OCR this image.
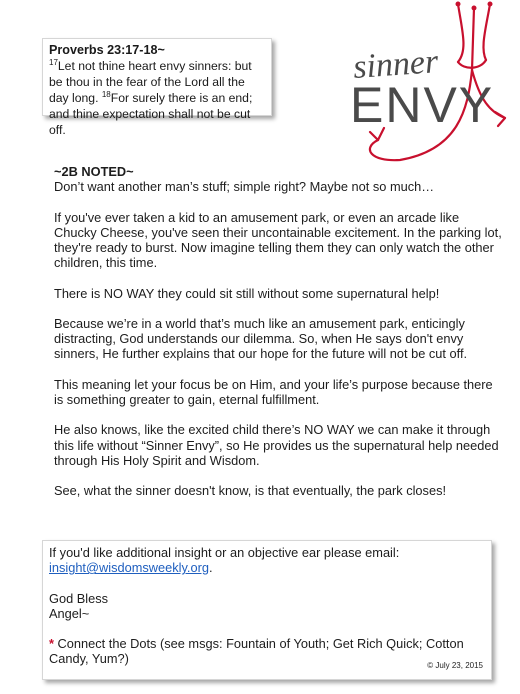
Proverbs 23:17-18~
$^{17}$Let not thine heart envy sinners: but be thou in the fear of the Lord all the day long. $^{18}$For surely there is an end; and thine expectation shall not be cut off.
sinner
ENVY

~2B NOTED~

Don’t want another man’s stuff; simple right? Maybe not so much…

If you've ever taken a kid to an amusement park, or even an arcade like Chucky Cheese, you've seen their uncontainable excitement. In the parking lot, they're ready to burst. Now imagine telling them they can only watch the other children, this time.

There is NO WAY they could sit still without some supernatural help!

Because we’re in a world that’s much like an amusement park, enticingly distracting, God understands our dilemma. So, when He says don't envy sinners, He further explains that our hope for the future will not be cut off.

This meaning let your focus be on Him, and your life’s purpose because there is something greater to gain, eternal fulfillment.

He also knows, like the excited child there’s NO WAY we can make it through this life without “Sinner Envy”, so He provides us the supernatural help needed through His Holy Spirit and Wisdom.

See, what the sinner doesn't know, is that eventually, the park closes!

If you'd like additional insight or an objective ear please email:

insight@wisdomsweekly.org.

God Bless

Angel~

* Connect the Dots (see msgs: Fountain of Youth; Get Rich Quick; Cotton Candy, Yum?)	© July 23, 2015
